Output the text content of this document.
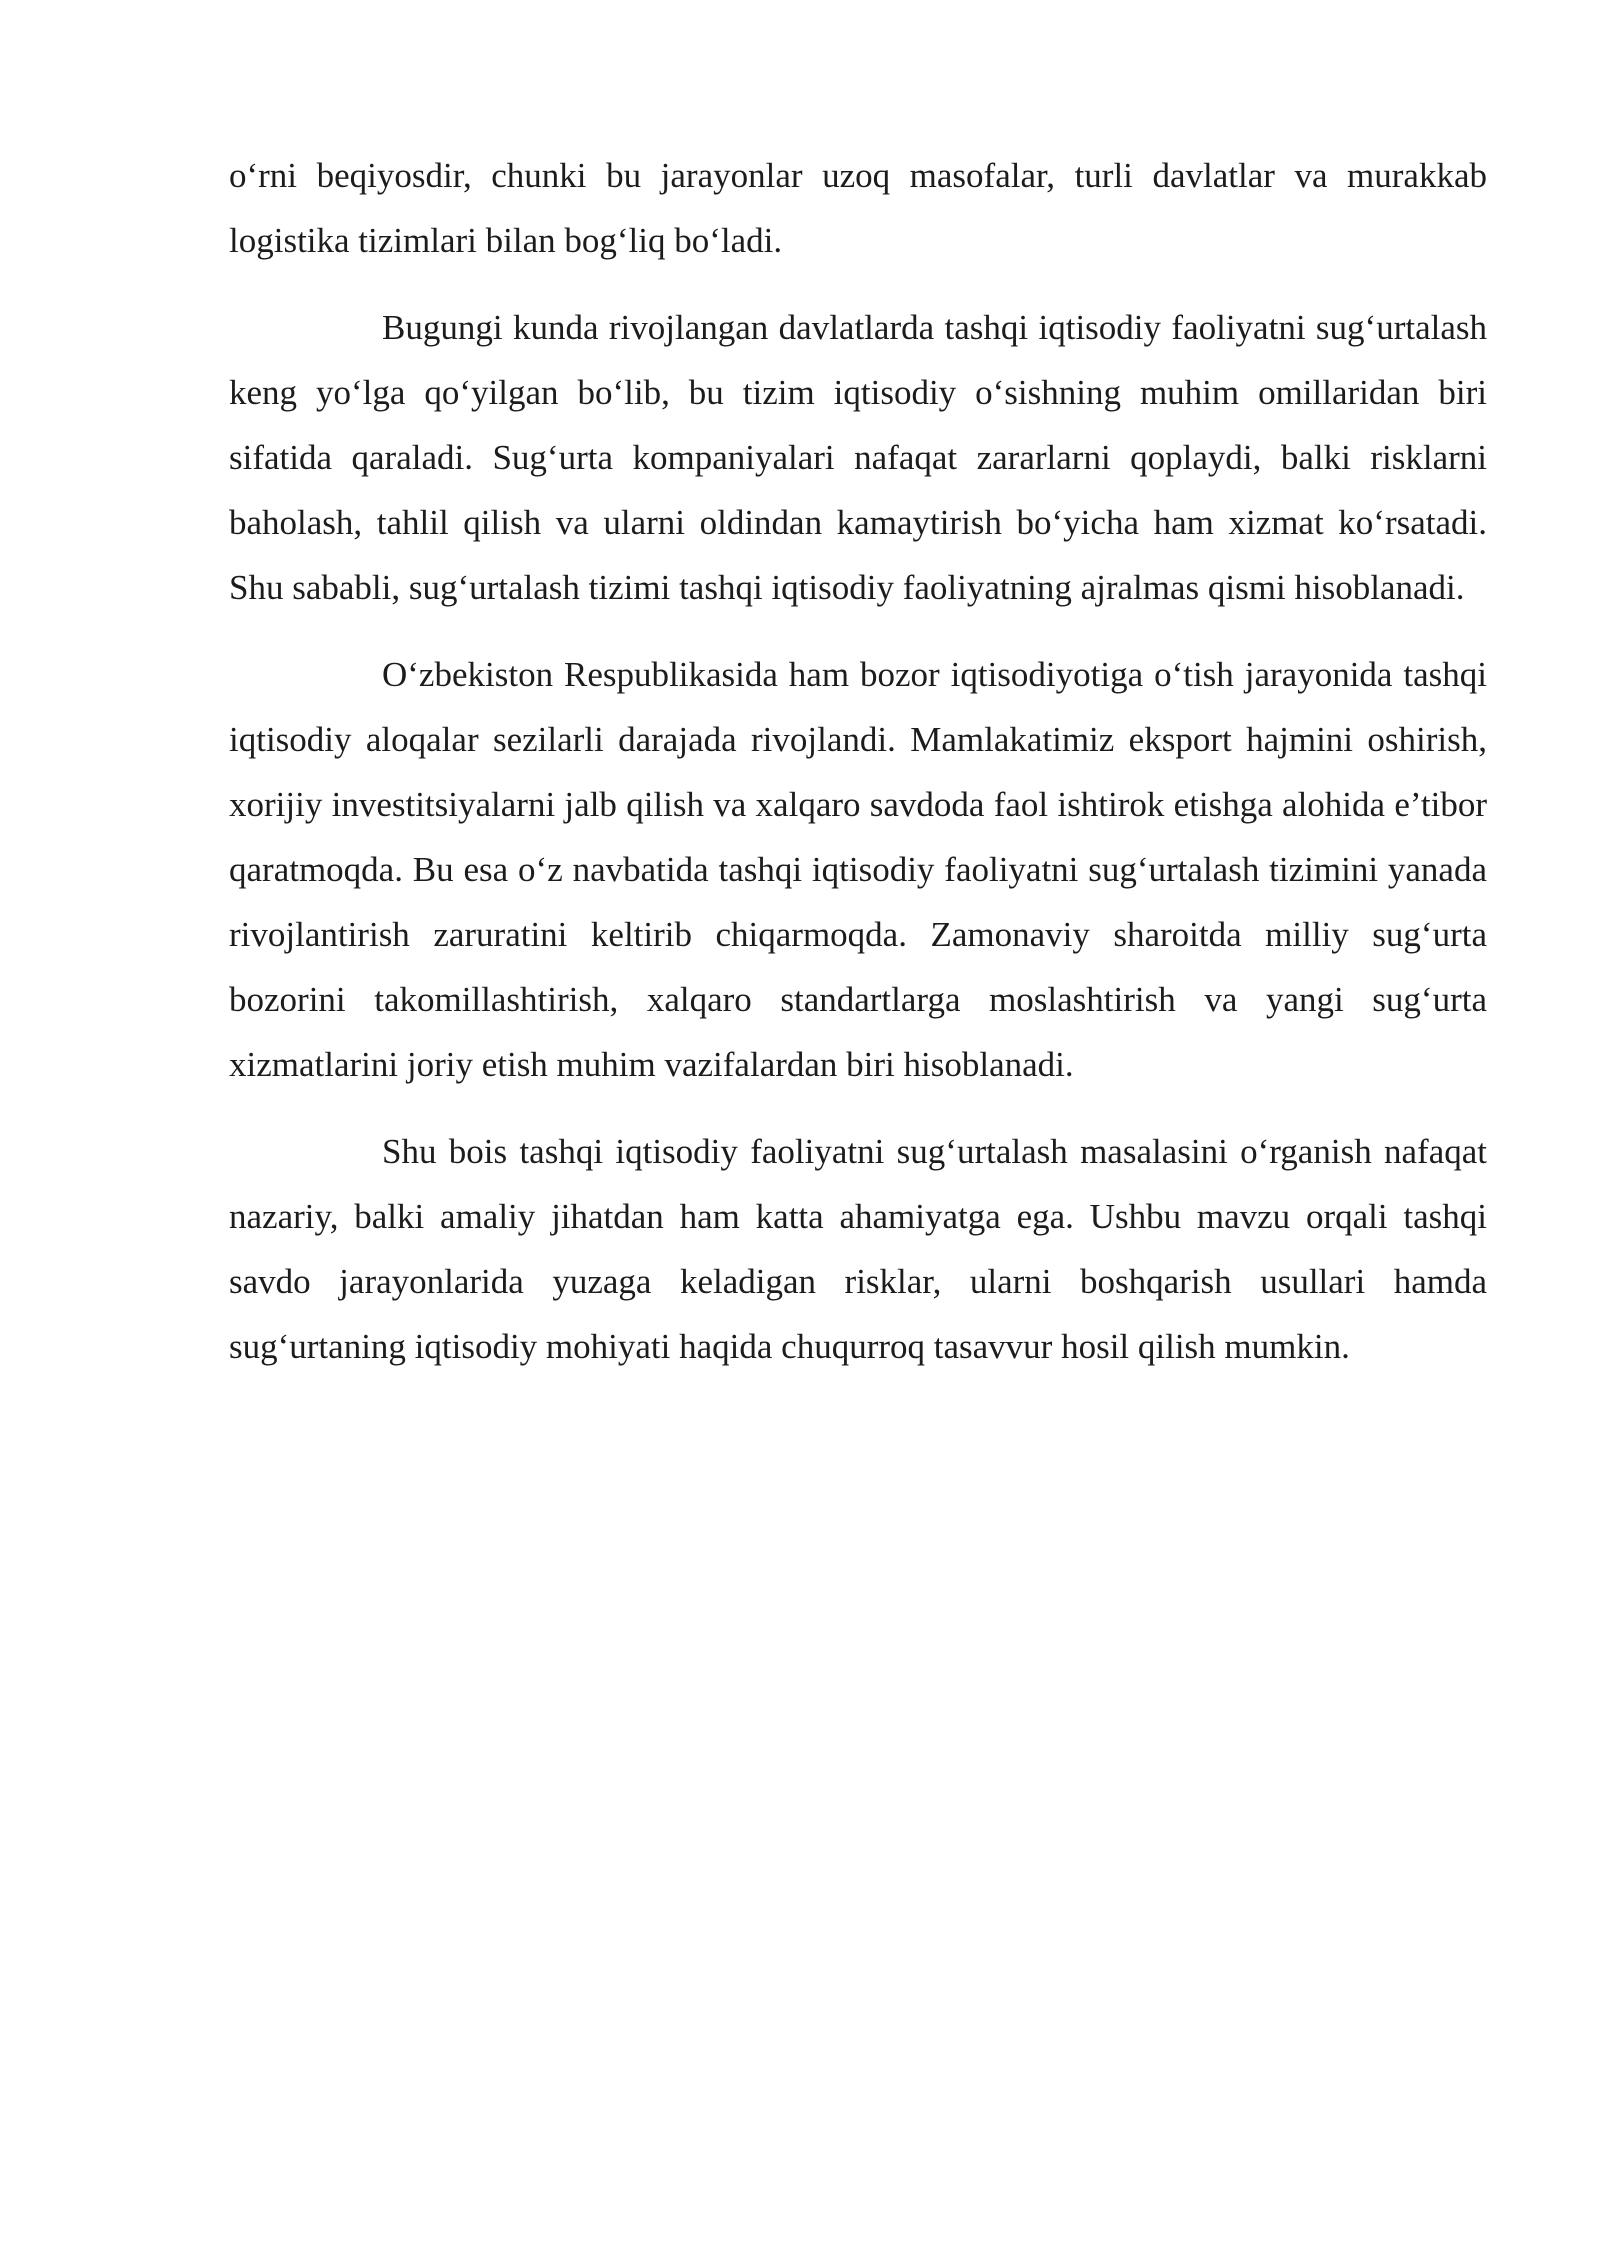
o‘rni beqiyosdir, chunki bu jarayonlar uzoq masofalar, turli davlatlar va murakkab logistika tizimlari bilan bog‘liq bo‘ladi.

Bugungi kunda rivojlangan davlatlarda tashqi iqtisodiy faoliyatni sug‘urtalash keng yo‘lga qo‘yilgan bo‘lib, bu tizim iqtisodiy o‘sishning muhim omillaridan biri sifatida qaraladi. Sug‘urta kompaniyalari nafaqat zararlarni qoplaydi, balki risklarni baholash, tahlil qilish va ularni oldindan kamaytirish bo‘yicha ham xizmat ko‘rsatadi. Shu sababli, sug‘urtalash tizimi tashqi iqtisodiy faoliyatning ajralmas qismi hisoblanadi.

O‘zbekiston Respublikasida ham bozor iqtisodiyotiga o‘tish jarayonida tashqi iqtisodiy aloqalar sezilarli darajada rivojlandi. Mamlakatimiz eksport hajmini oshirish, xorijiy investitsiyalarni jalb qilish va xalqaro savdoda faol ishtirok etishga alohida e’tibor qaratmoqda. Bu esa o‘z navbatida tashqi iqtisodiy faoliyatni sug‘urtalash tizimini yanada rivojlantirish zaruratini keltirib chiqarmoqda. Zamonaviy sharoitda milliy sug‘urta bozorini takomillashtirish, xalqaro standartlarga moslashtirish va yangi sug‘urta xizmatlarini joriy etish muhim vazifalardan biri hisoblanadi.

Shu bois tashqi iqtisodiy faoliyatni sug‘urtalash masalasini o‘rganish nafaqat nazariy, balki amaliy jihatdan ham katta ahamiyatga ega. Ushbu mavzu orqali tashqi savdo jarayonlarida yuzaga keladigan risklar, ularni boshqarish usullari hamda sug‘urtaning iqtisodiy mohiyati haqida chuqurroq tasavvur hosil qilish mumkin.
